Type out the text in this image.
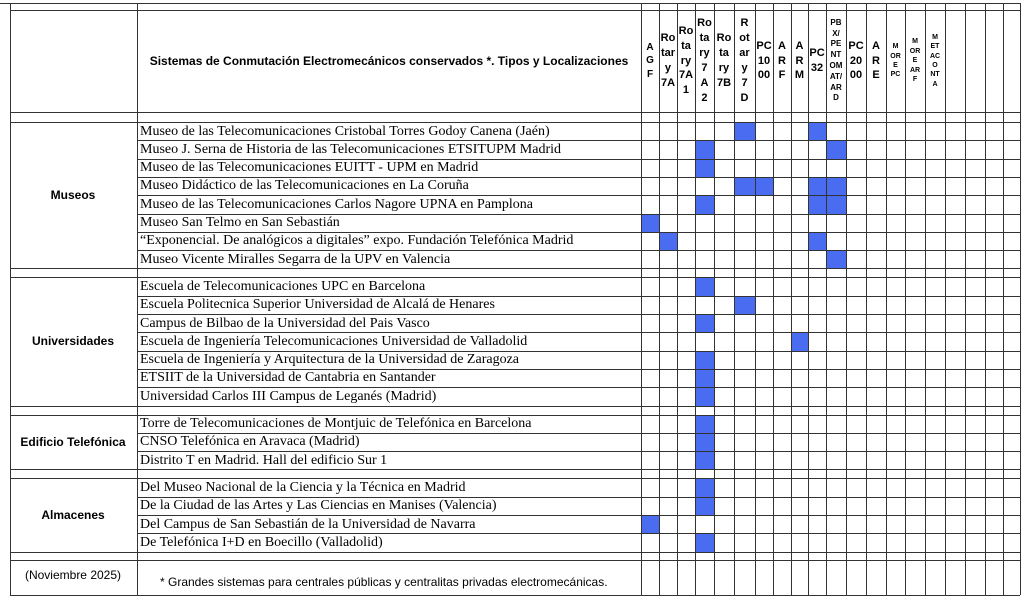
Sistemas de Conmutación Electromecánicos conservados *. Tipos y Localizaciones
(Noviembre 2025)	* Grandes sistemas para centrales públicas y centralitas privadas electromecánicas.
A
G
F
Ro
tar
y
7A
Ro
ta
ry
7A
1
Ro
ta
ry
7
A
2
Ro
ta
ry
7B
R
ot
ar
y
7
D
PC
10
00
A
R
F
A
R
M
PC
32
PB
X/
PE
NT
OM
AT/
AR
D
PC
20
00
A
R
E
M
OR
E
PC
M
OR
E
AR
F
M
ET
AC
O
NT
A
Museos
Museo de las Telecomunicaciones Cristobal Torres Godoy Canena (Jaén)
Museo J. Serna de Historia de las Telecomunicaciones ETSITUPM Madrid
Museo de las Telecomunicaciones EUITT - UPM en Madrid
Museo Didáctico de las Telecomunicaciones en La Coruña
Museo de las Telecomunicaciones Carlos Nagore UPNA en Pamplona
Museo San Telmo en San Sebastián
“Exponencial. De analógicos a digitales” expo. Fundación Telefónica Madrid
Museo Vicente Miralles Segarra de la UPV en Valencia
Universidades
Escuela de Telecomunicaciones UPC en Barcelona
Escuela Politecnica Superior Universidad de Alcalá de Henares
Campus de Bilbao de la Universidad del Pais Vasco
Escuela de Ingeniería Telecomunicaciones Universidad de Valladolid
Escuela de Ingeniería y Arquitectura de la Universidad de Zaragoza
ETSIIT de la Universidad de Cantabria en Santander
Universidad Carlos III Campus de Leganés (Madrid)
Edificio Telefónica
Torre de Telecomunicaciones de Montjuic de Telefónica en Barcelona
CNSO Telefónica en Aravaca (Madrid)
Distrito T en Madrid. Hall del edificio Sur 1
Almacenes
Del Museo Nacional de la Ciencia y la Técnica en Madrid
De la Ciudad de las Artes y Las Ciencias en Manises (Valencia)
Del Campus de San Sebastián de la Universidad de Navarra
De Telefónica I+D en Boecillo (Valladolid)
